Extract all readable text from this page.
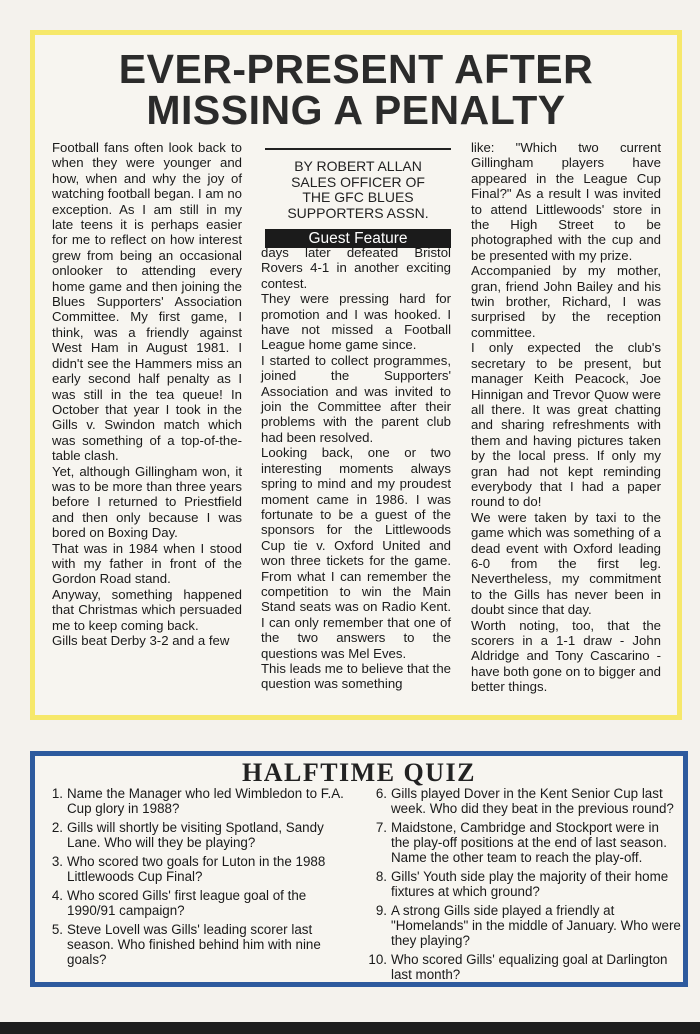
EVER-PRESENT AFTER
MISSING A PENALTY

Football fans often look back to when they were younger and how, when and why the joy of watching football began. I am no exception. As I am still in my late teens it is perhaps easier for me to reflect on how interest grew from being an occasional onlooker to attending every home game and then joining the Blues Supporters' Association Committee. My first game, I think, was a friendly against West Ham in August 1981. I didn't see the Hammers miss an early second half penalty as I was still in the tea queue! In October that year I took in the Gills v. Swindon match which was something of a top-of-the-table clash.

Yet, although Gillingham won, it was to be more than three years before I returned to Priestfield and then only because I was bored on Boxing Day.

That was in 1984 when I stood with my father in front of the Gordon Road stand.

Anyway, something happened that Christmas which persuaded me to keep coming back.

Gills beat Derby 3-2 and a few

BY ROBERT ALLAN
SALES OFFICER OF
THE GFC BLUES
SUPPORTERS ASSN.
Guest Feature

days later defeated Bristol Rovers 4-1 in another exciting contest.

They were pressing hard for promotion and I was hooked. I have not missed a Football League home game since.

I started to collect programmes, joined the Supporters' Association and was invited to join the Committee after their problems with the parent club had been resolved.

Looking back, one or two interesting moments always spring to mind and my proudest moment came in 1986. I was fortunate to be a guest of the sponsors for the Littlewoods Cup tie v. Oxford United and won three tickets for the game. From what I can remember the competition to win the Main Stand seats was on Radio Kent. I can only remember that one of the two answers to the questions was Mel Eves.

This leads me to believe that the question was something

like: "Which two current Gillingham players have appeared in the League Cup Final?" As a result I was invited to attend Littlewoods' store in the High Street to be photographed with the cup and be presented with my prize.

Accompanied by my mother, gran, friend John Bailey and his twin brother, Richard, I was surprised by the reception committee.

I only expected the club's secretary to be present, but manager Keith Peacock, Joe Hinnigan and Trevor Quow were all there. It was great chatting and sharing refreshments with them and having pictures taken by the local press. If only my gran had not kept reminding everybody that I had a paper round to do!

We were taken by taxi to the game which was something of a dead event with Oxford leading 6-0 from the first leg. Nevertheless, my commitment to the Gills has never been in doubt since that day.

Worth noting, too, that the scorers in a 1-1 draw - John Aldridge and Tony Cascarino - have both gone on to bigger and better things.

HALFTIME QUIZ
1. Name the Manager who led Wimbledon to F.A. Cup glory in 1988?
2. Gills will shortly be visiting Spotland, Sandy Lane. Who will they be playing?
3. Who scored two goals for Luton in the 1988 Littlewoods Cup Final?
4. Who scored Gills' first league goal of the 1990/91 campaign?
5. Steve Lovell was Gills' leading scorer last season. Who finished behind him with nine goals?
6. Gills played Dover in the Kent Senior Cup last week. Who did they beat in the previous round?
7. Maidstone, Cambridge and Stockport were in the play-off positions at the end of last season. Name the other team to reach the play-off.
8. Gills' Youth side play the majority of their home fixtures at which ground?
9. A strong Gills side played a friendly at "Homelands" in the middle of January. Who were they playing?
10. Who scored Gills' equalizing goal at Darlington last month?
